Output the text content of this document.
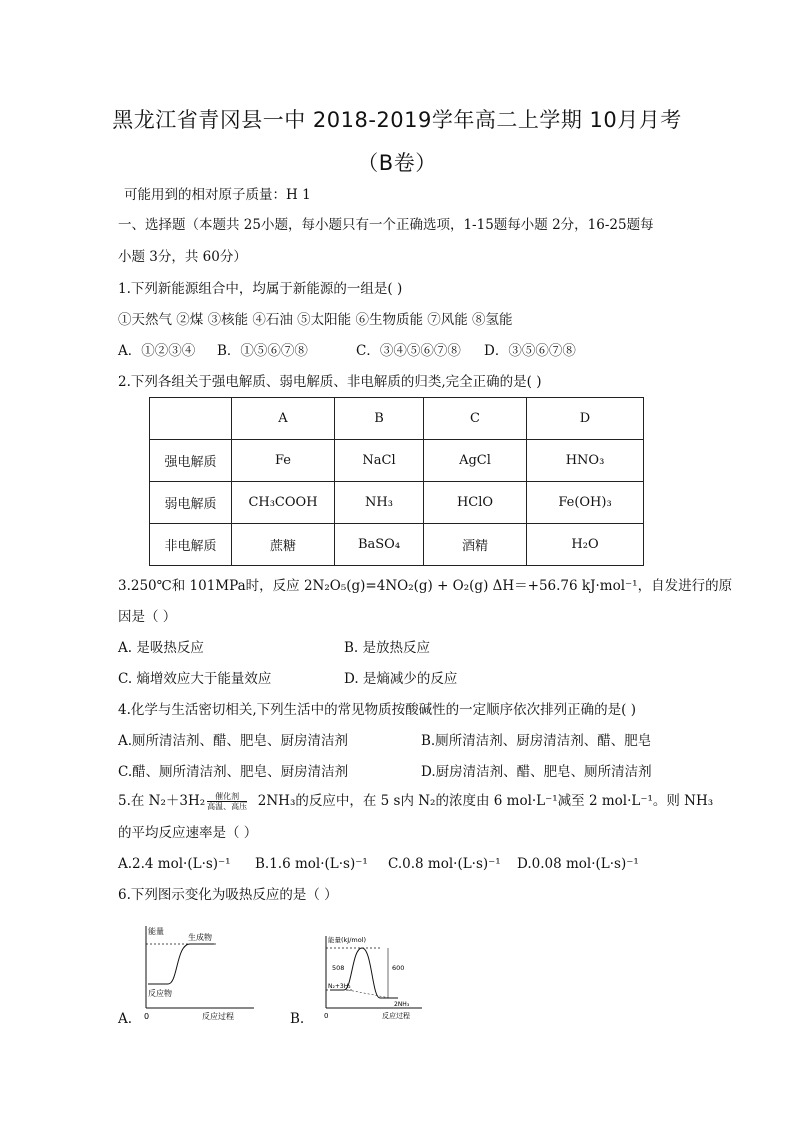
黑龙江省青冈县一中 2018-2019学年高二上学期 10月月考
（B卷）
可能用到的相对原子质量：H 1
一、选择题（本题共 25小题，每小题只有一个正确选项，1-15题每小题 2分，16-25题每
小题 3分，共 60分）
1.下列新能源组合中，均属于新能源的一组是( )
①天然气 ②煤 ③核能 ④石油 ⑤太阳能 ⑥生物质能 ⑦风能 ⑧氢能
A．①②③④ B．①⑤⑥⑦⑧	C．③④⑤⑥⑦⑧ D．③⑤⑥⑦⑧
2.下列各组关于强电解质、弱电解质、非电解质的归类,完全正确的是( )
	A	B	C	D
强电解质	Fe	NaCl	AgCl	HNO₃
弱电解质	CH₃COOH	NH₃	HClO	Fe(OH)₃
非电解质	蔗糖	BaSO₄	酒精	H₂O
3.250℃和 101MPa时，反应 2N₂O₅(g)=4NO₂(g) + O₂(g) ΔH＝+56.76 kJ·mol⁻¹，自发进行的原
因是（ ）
A. 是吸热反应	B. 是放热反应
C. 熵增效应大于能量效应	D. 是熵减少的反应
4.化学与生活密切相关,下列生活中的常见物质按酸碱性的一定顺序依次排列正确的是( )
A.厕所清洁剂、醋、肥皂、厨房清洁剂	B.厕所清洁剂、厨房清洁剂、醋、肥皂
C.醋、厕所清洁剂、肥皂、厨房清洁剂	D.厨房清洁剂、醋、肥皂、厕所清洁剂
5.在 N₂＋3H₂	催化剂
高温、高压 2NH₃的反应中，在 5 s内 N₂的浓度由 6 mol·L⁻¹减至 2 mol·L⁻¹。则 NH₃
的平均反应速率是（ ）
A.2.4 mol·(L·s)⁻¹ B.1.6 mol·(L·s)⁻¹ C.0.8 mol·(L·s)⁻¹ D.0.08 mol·(L·s)⁻¹
6.下列图示变化为吸热反应的是（ ）
A.	B.
能量
0	反应过程
生成物
反应物
能量(kJ/mol)
0	反应过程
508	600
N₂+3H₂
2NH₃
